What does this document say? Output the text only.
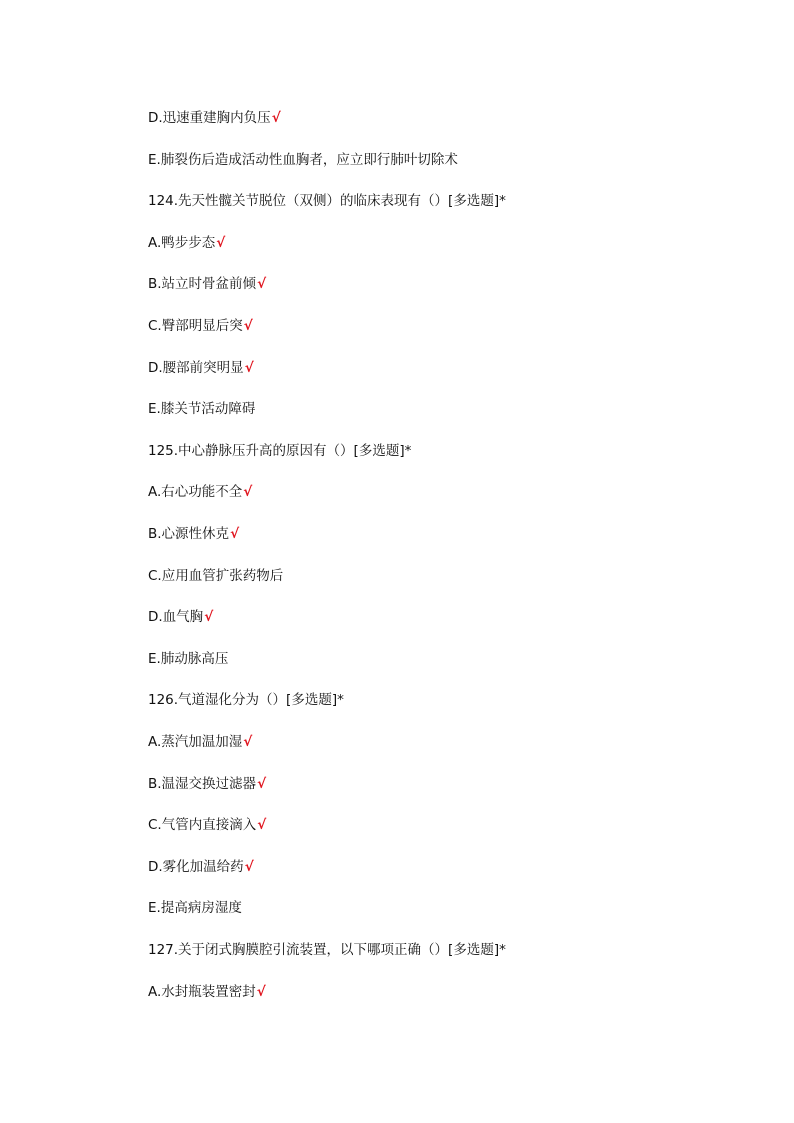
D.迅速重建胸内负压√
E.肺裂伤后造成活动性血胸者，应立即行肺叶切除术
124.先天性髋关节脱位（双侧）的临床表现有（）[多选题]*
A.鸭步步态√
B.站立时骨盆前倾√
C.臀部明显后突√
D.腰部前突明显√
E.膝关节活动障碍
125.中心静脉压升高的原因有（）[多选题]*
A.右心功能不全√
B.心源性休克√
C.应用血管扩张药物后
D.血气胸√
E.肺动脉高压
126.气道湿化分为（）[多选题]*
A.蒸汽加温加湿√
B.温湿交换过滤器√
C.气管内直接滴入√
D.雾化加温给药√
E.提高病房湿度
127.关于闭式胸膜腔引流装置，以下哪项正确（）[多选题]*
A.水封瓶装置密封√
